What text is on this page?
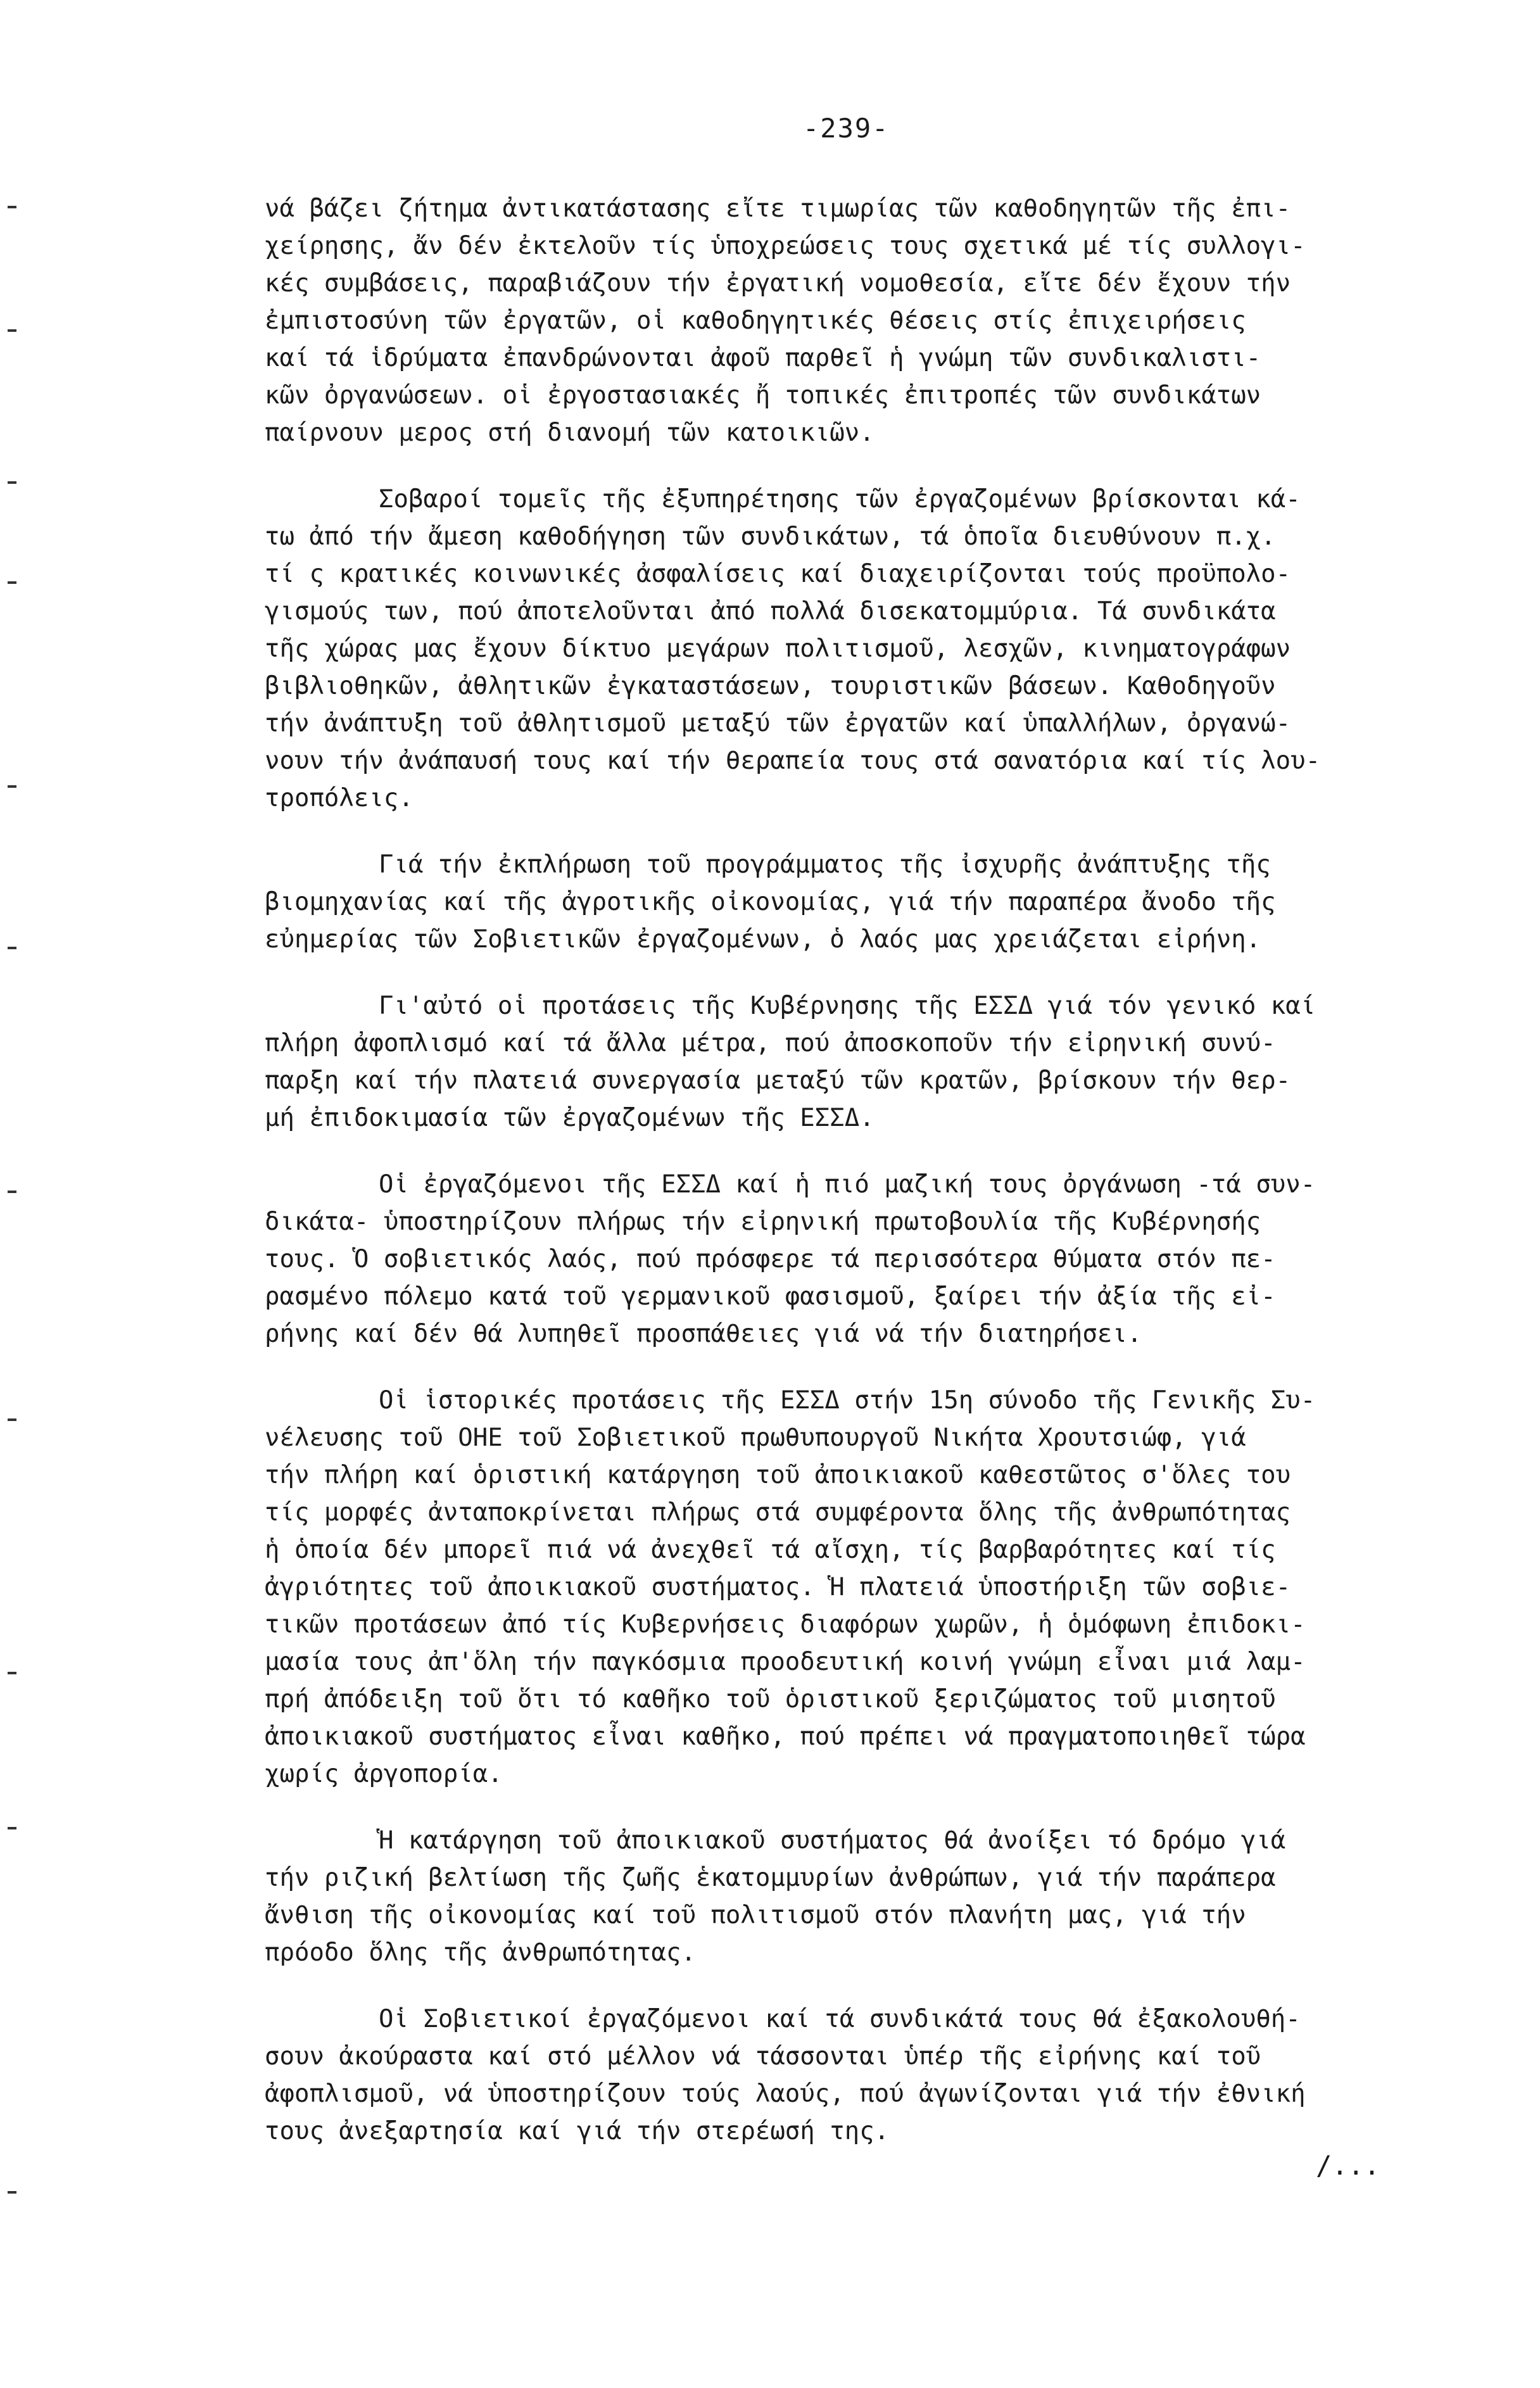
-239-
νά βάζει ζήτημα ἀντικατάστασης εἴτε τιμωρίας τῶν καθοδηγητῶν τῆς ἐπι-
χείρησης, ἄν δέν ἐκτελοῦν τίς ὑποχρεώσεις τους σχετικά μέ τίς συλλογι-
κές συμβάσεις, παραβιάζουν τήν ἐργατική νομοθεσία, εἴτε δέν ἔχουν τήν
ἐμπιστοσύνη τῶν ἐργατῶν, οἱ καθοδηγητικές θέσεις στίς ἐπιχειρήσεις
καί τά ἱδρύματα ἐπανδρώνονται ἀφοῦ παρθεῖ ἡ γνώμη τῶν συνδικαλιστι-
κῶν ὀργανώσεων. οἱ ἐργοστασιακές ἤ τοπικές ἐπιτροπές τῶν συνδικάτων
παίρνουν μερος στή διανομή τῶν κατοικιῶν.
Σοβαροί τομεῖς τῆς ἐξυπηρέτησης τῶν ἐργαζομένων βρίσκονται κά-
τω ἀπό τήν ἄμεση καθοδήγηση τῶν συνδικάτων, τά ὁποῖα διευθύνουν π.χ.
τί ς κρατικές κοινωνικές ἀσφαλίσεις καί διαχειρίζονται τούς προϋπολο-
γισμούς των, πού ἀποτελοῦνται ἀπό πολλά δισεκατομμύρια. Τά συνδικάτα
τῆς χώρας μας ἔχουν δίκτυο μεγάρων πολιτισμοῦ, λεσχῶν, κινηματογράφων
βιβλιοθηκῶν, ἀθλητικῶν ἐγκαταστάσεων, τουριστικῶν βάσεων. Καθοδηγοῦν
τήν ἀνάπτυξη τοῦ ἀθλητισμοῦ μεταξύ τῶν ἐργατῶν καί ὑπαλλήλων, ὀργανώ-
νουν τήν ἀνάπαυσή τους καί τήν θεραπεία τους στά σανατόρια καί τίς λου-
τροπόλεις.
Γιά τήν ἐκπλήρωση τοῦ προγράμματος τῆς ἰσχυρῆς ἀνάπτυξης τῆς
βιομηχανίας καί τῆς ἀγροτικῆς οἰκονομίας, γιά τήν παραπέρα ἄνοδο τῆς
εὐημερίας τῶν Σοβιετικῶν ἐργαζομένων, ὁ λαός μας χρειάζεται εἰρήνη.
Γι'αὐτό οἱ προτάσεις τῆς Κυβέρνησης τῆς ΕΣΣΔ γιά τόν γενικό καί
πλήρη ἀφοπλισμό καί τά ἄλλα μέτρα, πού ἀποσκοποῦν τήν εἰρηνική συνύ-
παρξη καί τήν πλατειά συνεργασία μεταξύ τῶν κρατῶν, βρίσκουν τήν θερ-
μή ἐπιδοκιμασία τῶν ἐργαζομένων τῆς ΕΣΣΔ.
Οἱ ἐργαζόμενοι τῆς ΕΣΣΔ καί ἡ πιό μαζική τους ὀργάνωση -τά συν-
δικάτα- ὑποστηρίζουν πλήρως τήν εἰρηνική πρωτοβουλία τῆς Κυβέρνησής
τους. Ὁ σοβιετικός λαός, πού πρόσφερε τά περισσότερα θύματα στόν πε-
ρασμένο πόλεμο κατά τοῦ γερμανικοῦ φασισμοῦ, ξαίρει τήν ἀξία τῆς εἰ-
ρήνης καί δέν θά λυπηθεῖ προσπάθειες γιά νά τήν διατηρήσει.
Οἱ ἱστορικές προτάσεις τῆς ΕΣΣΔ στήν 15η σύνοδο τῆς Γενικῆς Συ-
νέλευσης τοῦ ΟΗΕ τοῦ Σοβιετικοῦ πρωθυπουργοῦ Νικήτα Χρουτσιώφ, γιά
τήν πλήρη καί ὁριστική κατάργηση τοῦ ἀποικιακοῦ καθεστῶτος σ'ὅλες του
τίς μορφές ἀνταποκρίνεται πλήρως στά συμφέροντα ὅλης τῆς ἀνθρωπότητας
ἡ ὁποία δέν μπορεῖ πιά νά ἀνεχθεῖ τά αἴσχη, τίς βαρβαρότητες καί τίς
ἀγριότητες τοῦ ἀποικιακοῦ συστήματος. Ἡ πλατειά ὑποστήριξη τῶν σοβιε-
τικῶν προτάσεων ἀπό τίς Κυβερνήσεις διαφόρων χωρῶν, ἡ ὁμόφωνη ἐπιδοκι-
μασία τους ἀπ'ὅλη τήν παγκόσμια προοδευτική κοινή γνώμη εἶναι μιά λαμ-
πρή ἀπόδειξη τοῦ ὅτι τό καθῆκο τοῦ ὁριστικοῦ ξεριζώματος τοῦ μισητοῦ
ἀποικιακοῦ συστήματος εἶναι καθῆκο, πού πρέπει νά πραγματοποιηθεῖ τώρα
χωρίς ἀργοπορία.
Ἡ κατάργηση τοῦ ἀποικιακοῦ συστήματος θά ἀνοίξει τό δρόμο γιά
τήν ριζική βελτίωση τῆς ζωῆς ἑκατομμυρίων ἀνθρώπων, γιά τήν παράπερα
ἄνθιση τῆς οἰκονομίας καί τοῦ πολιτισμοῦ στόν πλανήτη μας, γιά τήν
πρόοδο ὅλης τῆς ἀνθρωπότητας.
Οἱ Σοβιετικοί ἐργαζόμενοι καί τά συνδικάτά τους θά ἐξακολουθή-
σουν ἀκούραστα καί στό μέλλον νά τάσσονται ὑπέρ τῆς εἰρήνης καί τοῦ
ἀφοπλισμοῦ, νά ὑποστηρίζουν τούς λαούς, πού ἀγωνίζονται γιά τήν ἐθνική
τους ἀνεξαρτησία καί γιά τήν στερέωσή της.
/...
